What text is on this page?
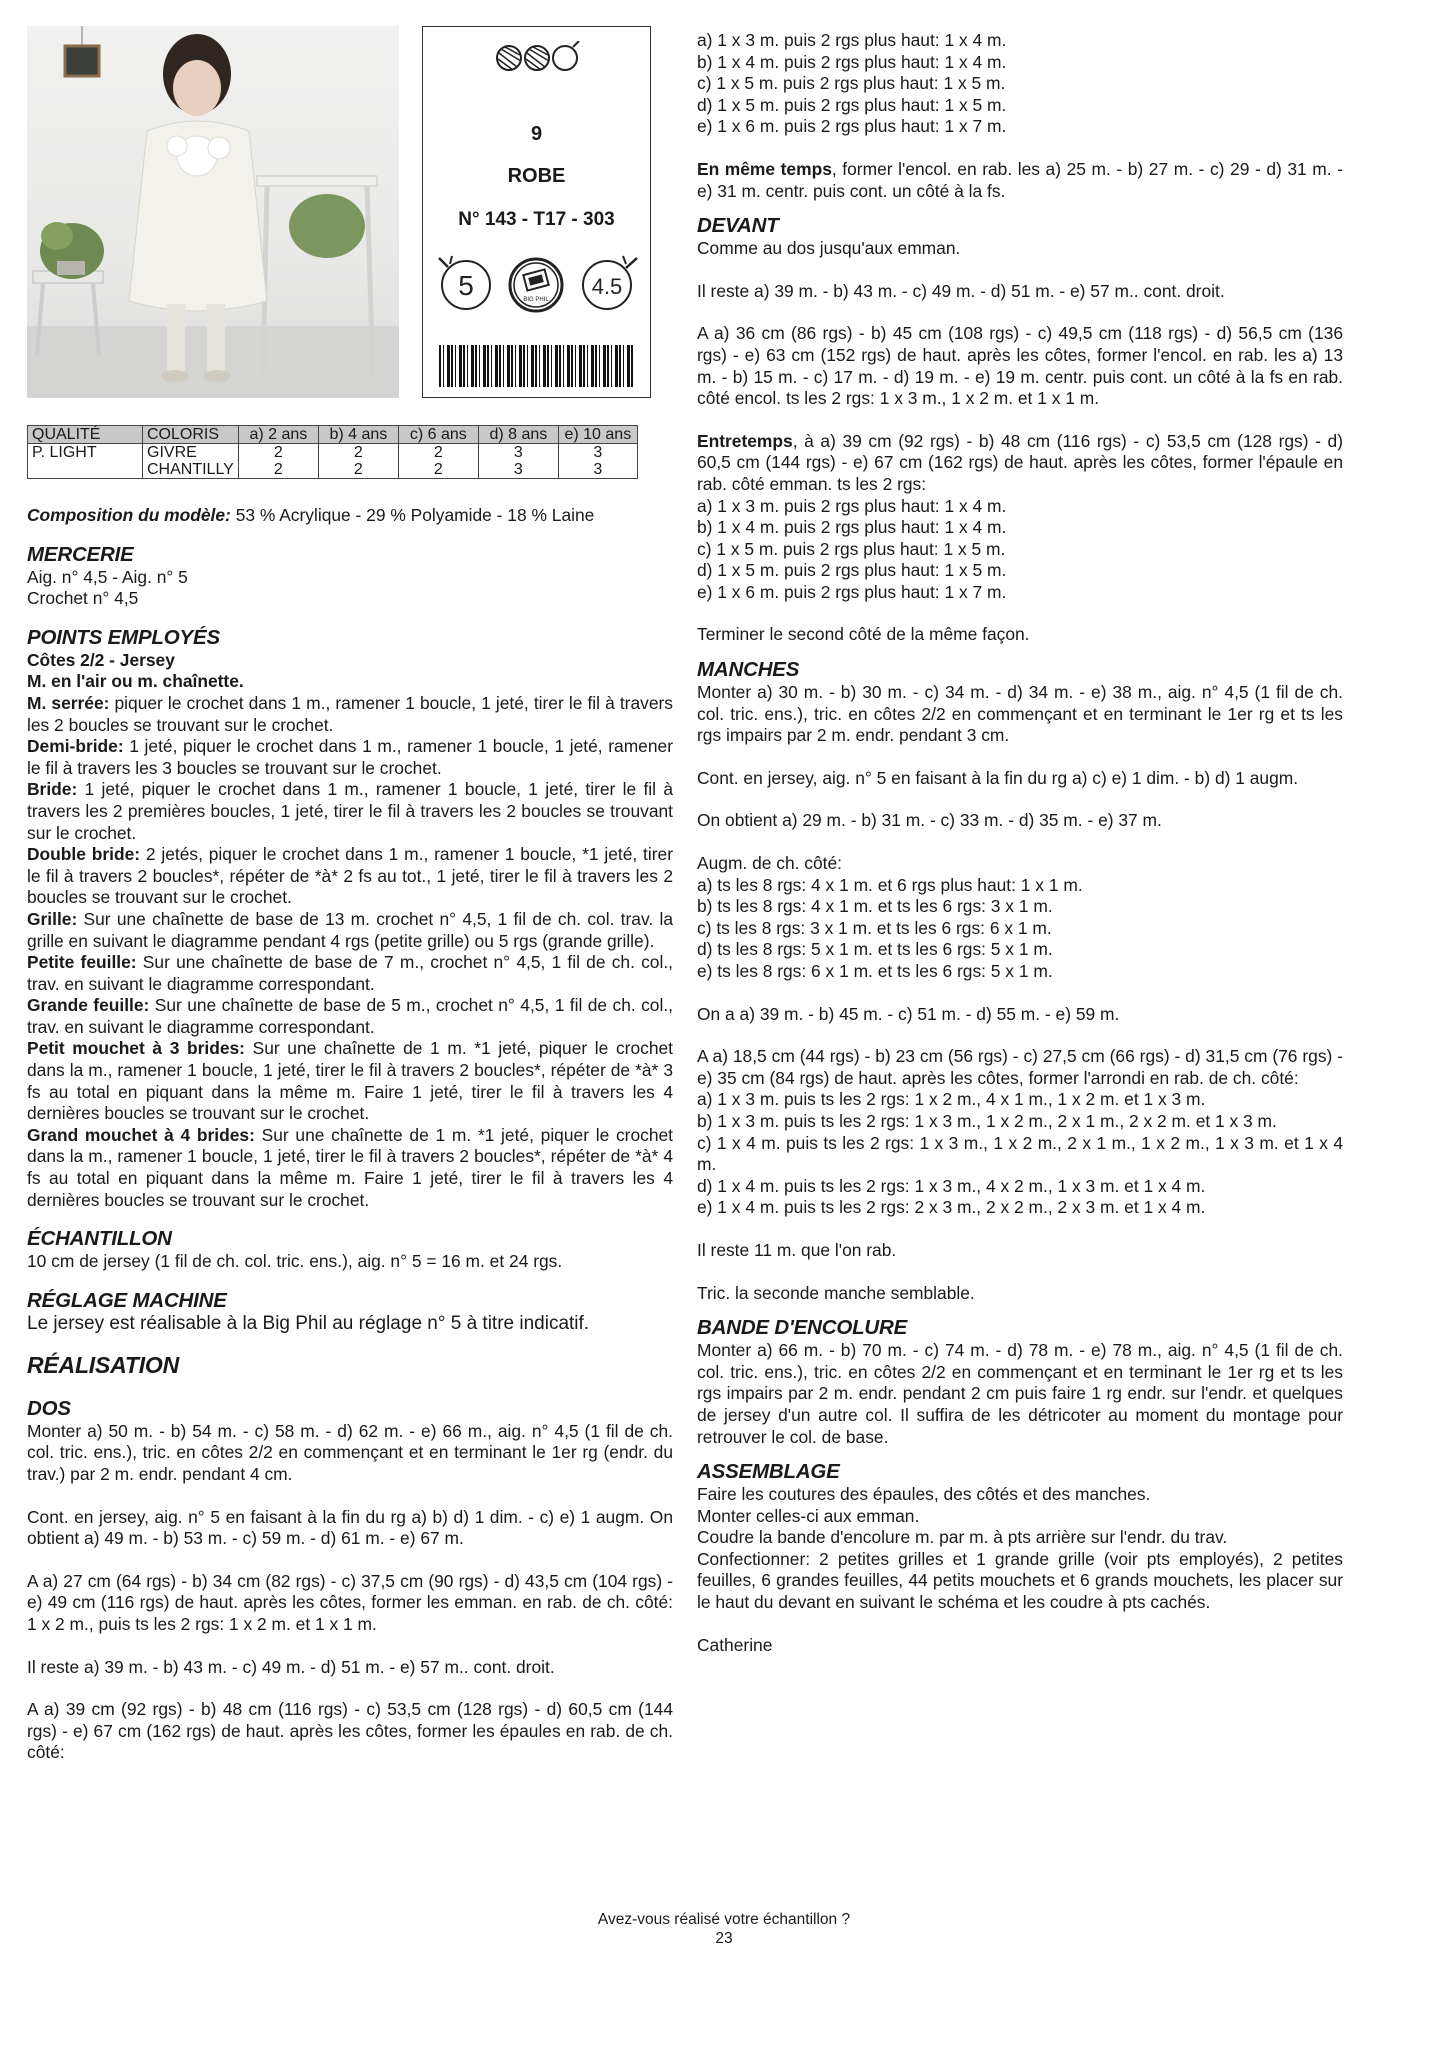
9
ROBE
N° 143 - T17 - 303
5	BIG PHIL
4.5
QUALITÉ	COLORIS	a) 2 ans	b) 4 ans	c) 6 ans	d) 8 ans	e) 10 ans
P. LIGHT	GIVRE	2	2	2	3	3
	CHANTILLY	2	2	2	3	3

Composition du modèle: 53 % Acrylique - 29 % Polyamide - 18 % Laine

MERCERIE

Aig. n° 4,5 - Aig. n° 5
Crochet n° 4,5

POINTS EMPLOYÉS

Côtes 2/2 - Jersey
M. en l'air ou m. chaînette.
M. serrée: piquer le crochet dans 1 m., ramener 1 boucle, 1 jeté, tirer le fil à travers les 2 boucles se trouvant sur le crochet.
Demi-bride: 1 jeté, piquer le crochet dans 1 m., ramener 1 boucle, 1 jeté, ramener le fil à travers les 3 boucles se trouvant sur le crochet.
Bride: 1 jeté, piquer le crochet dans 1 m., ramener 1 boucle, 1 jeté, tirer le fil à travers les 2 premières boucles, 1 jeté, tirer le fil à travers les 2 boucles se trouvant sur le crochet.
Double bride: 2 jetés, piquer le crochet dans 1 m., ramener 1 boucle, *1 jeté, tirer le fil à travers 2 boucles*, répéter de *à* 2 fs au tot., 1 jeté, tirer le fil à travers les 2 boucles se trouvant sur le crochet.
Grille: Sur une chaînette de base de 13 m. crochet n° 4,5, 1 fil de ch. col. trav. la grille en suivant le diagramme pendant 4 rgs (petite grille) ou 5 rgs (grande grille).
Petite feuille: Sur une chaînette de base de 7 m., crochet n° 4,5, 1 fil de ch. col., trav. en suivant le diagramme correspondant.
Grande feuille: Sur une chaînette de base de 5 m., crochet n° 4,5, 1 fil de ch. col., trav. en suivant le diagramme correspondant.
Petit mouchet à 3 brides: Sur une chaînette de 1 m. *1 jeté, piquer le crochet dans la m., ramener 1 boucle, 1 jeté, tirer le fil à travers 2 boucles*, répéter de *à* 3 fs au total en piquant dans la même m. Faire 1 jeté, tirer le fil à travers les 4 dernières boucles se trouvant sur le crochet.
Grand mouchet à 4 brides: Sur une chaînette de 1 m. *1 jeté, piquer le crochet dans la m., ramener 1 boucle, 1 jeté, tirer le fil à travers 2 boucles*, répéter de *à* 4 fs au total en piquant dans la même m. Faire 1 jeté, tirer le fil à travers les 4 dernières boucles se trouvant sur le crochet.

ÉCHANTILLON

10 cm de jersey (1 fil de ch. col. tric. ens.), aig. n° 5 = 16 m. et 24 rgs.

RÉGLAGE MACHINE

Le jersey est réalisable à la Big Phil au réglage n° 5 à titre indicatif.

RÉALISATION
DOS

Monter a) 50 m. - b) 54 m. - c) 58 m. - d) 62 m. - e) 66 m., aig. n° 4,5 (1 fil de ch. col. tric. ens.), tric. en côtes 2/2 en commençant et en terminant le 1er rg (endr. du trav.) par 2 m. endr. pendant 4 cm.

Cont. en jersey, aig. n° 5 en faisant à la fin du rg a) b) d) 1 dim. - c) e) 1 augm. On obtient a) 49 m. - b) 53 m. - c) 59 m. - d) 61 m. - e) 67 m.

A a) 27 cm (64 rgs) - b) 34 cm (82 rgs) - c) 37,5 cm (90 rgs) - d) 43,5 cm (104 rgs) - e) 49 cm (116 rgs) de haut. après les côtes, former les emman. en rab. de ch. côté: 1 x 2 m., puis ts les 2 rgs: 1 x 2 m. et 1 x 1 m.

Il reste a) 39 m. - b) 43 m. - c) 49 m. - d) 51 m. - e) 57 m.. cont. droit.

A a) 39 cm (92 rgs) - b) 48 cm (116 rgs) - c) 53,5 cm (128 rgs) - d) 60,5 cm (144 rgs) - e) 67 cm (162 rgs) de haut. après les côtes, former les épaules en rab. de ch. côté:

a) 1 x 3 m. puis 2 rgs plus haut: 1 x 4 m.
b) 1 x 4 m. puis 2 rgs plus haut: 1 x 4 m.
c) 1 x 5 m. puis 2 rgs plus haut: 1 x 5 m.
d) 1 x 5 m. puis 2 rgs plus haut: 1 x 5 m.
e) 1 x 6 m. puis 2 rgs plus haut: 1 x 7 m.

En même temps, former l'encol. en rab. les a) 25 m. - b) 27 m. - c) 29 - d) 31 m. - e) 31 m. centr. puis cont. un côté à la fs.

DEVANT

Comme au dos jusqu'aux emman.

Il reste a) 39 m. - b) 43 m. - c) 49 m. - d) 51 m. - e) 57 m.. cont. droit.

A a) 36 cm (86 rgs) - b) 45 cm (108 rgs) - c) 49,5 cm (118 rgs) - d) 56,5 cm (136 rgs) - e) 63 cm (152 rgs) de haut. après les côtes, former l'encol. en rab. les a) 13 m. - b) 15 m. - c) 17 m. - d) 19 m. - e) 19 m. centr. puis cont. un côté à la fs en rab. côté encol. ts les 2 rgs: 1 x 3 m., 1 x 2 m. et 1 x 1 m.

Entretemps, à a) 39 cm (92 rgs) - b) 48 cm (116 rgs) - c) 53,5 cm (128 rgs) - d) 60,5 cm (144 rgs) - e) 67 cm (162 rgs) de haut. après les côtes, former l'épaule en rab. côté emman. ts les 2 rgs:
a) 1 x 3 m. puis 2 rgs plus haut: 1 x 4 m.
b) 1 x 4 m. puis 2 rgs plus haut: 1 x 4 m.
c) 1 x 5 m. puis 2 rgs plus haut: 1 x 5 m.
d) 1 x 5 m. puis 2 rgs plus haut: 1 x 5 m.
e) 1 x 6 m. puis 2 rgs plus haut: 1 x 7 m.

Terminer le second côté de la même façon.

MANCHES

Monter a) 30 m. - b) 30 m. - c) 34 m. - d) 34 m. - e) 38 m., aig. n° 4,5 (1 fil de ch. col. tric. ens.), tric. en côtes 2/2 en commençant et en terminant le 1er rg et ts les rgs impairs par 2 m. endr. pendant 3 cm.

Cont. en jersey, aig. n° 5 en faisant à la fin du rg a) c) e) 1 dim. - b) d) 1 augm.

On obtient a) 29 m. - b) 31 m. - c) 33 m. - d) 35 m. - e) 37 m.

Augm. de ch. côté:
a) ts les 8 rgs: 4 x 1 m. et 6 rgs plus haut: 1 x 1 m.
b) ts les 8 rgs: 4 x 1 m. et ts les 6 rgs: 3 x 1 m.
c) ts les 8 rgs: 3 x 1 m. et ts les 6 rgs: 6 x 1 m.
d) ts les 8 rgs: 5 x 1 m. et ts les 6 rgs: 5 x 1 m.
e) ts les 8 rgs: 6 x 1 m. et ts les 6 rgs: 5 x 1 m.

On a a) 39 m. - b) 45 m. - c) 51 m. - d) 55 m. - e) 59 m.

A a) 18,5 cm (44 rgs) - b) 23 cm (56 rgs) - c) 27,5 cm (66 rgs) - d) 31,5 cm (76 rgs) - e) 35 cm (84 rgs) de haut. après les côtes, former l'arrondi en rab. de ch. côté:
a) 1 x 3 m. puis ts les 2 rgs: 1 x 2 m., 4 x 1 m., 1 x 2 m. et 1 x 3 m.
b) 1 x 3 m. puis ts les 2 rgs: 1 x 3 m., 1 x 2 m., 2 x 1 m., 2 x 2 m. et 1 x 3 m.
c) 1 x 4 m. puis ts les 2 rgs: 1 x 3 m., 1 x 2 m., 2 x 1 m., 1 x 2 m., 1 x 3 m. et 1 x 4 m.
d) 1 x 4 m. puis ts les 2 rgs: 1 x 3 m., 4 x 2 m., 1 x 3 m. et 1 x 4 m.
e) 1 x 4 m. puis ts les 2 rgs: 2 x 3 m., 2 x 2 m., 2 x 3 m. et 1 x 4 m.

Il reste 11 m. que l'on rab.

Tric. la seconde manche semblable.

BANDE D'ENCOLURE

Monter a) 66 m. - b) 70 m. - c) 74 m. - d) 78 m. - e) 78 m., aig. n° 4,5 (1 fil de ch. col. tric. ens.), tric. en côtes 2/2 en commençant et en terminant le 1er rg et ts les rgs impairs par 2 m. endr. pendant 2 cm puis faire 1 rg endr. sur l'endr. et quelques de jersey d'un autre col. Il suffira de les détricoter au moment du montage pour retrouver le col. de base.

ASSEMBLAGE

Faire les coutures des épaules, des côtés et des manches.
Monter celles-ci aux emman.
Coudre la bande d'encolure m. par m. à pts arrière sur l'endr. du trav.
Confectionner: 2 petites grilles et 1 grande grille (voir pts employés), 2 petites feuilles, 6 grandes feuilles, 44 petits mouchets et 6 grands mouchets, les placer sur le haut du devant en suivant le schéma et les coudre à pts cachés.

Catherine

Avez-vous réalisé votre échantillon ?
23
